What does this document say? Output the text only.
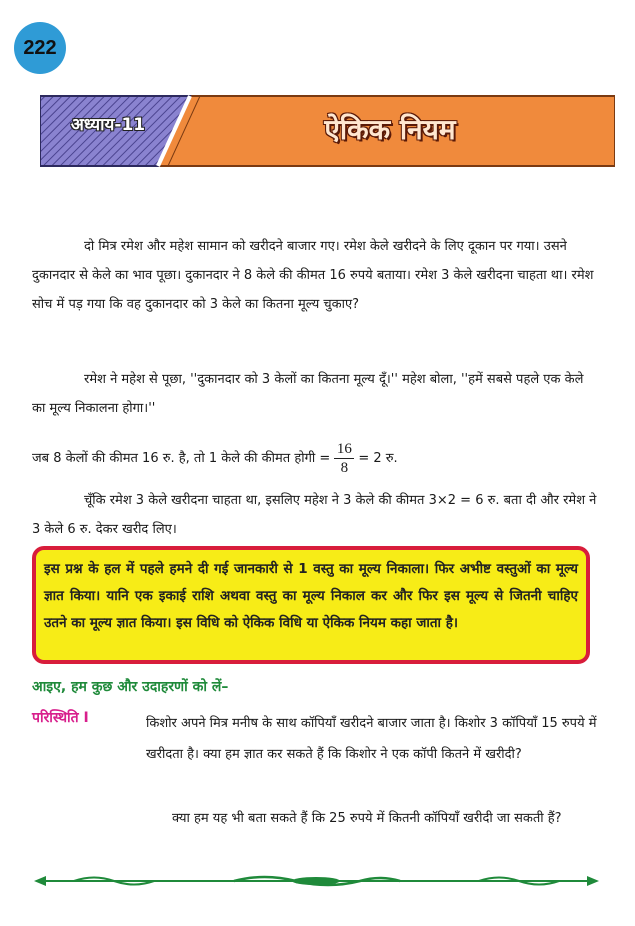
222
अध्याय-11	ऐकिक नियम

दो मित्र रमेश और महेश सामान को खरीदने बाजार गए। रमेश केले खरीदने के लिए दूकान पर गया। उसने दुकानदार से केले का भाव पूछा। दुकानदार ने 8 केले की कीमत 16 रुपये बताया। रमेश 3 केले खरीदना चाहता था। रमेश सोच में पड़ गया कि वह दुकानदार को 3 केले का कितना मूल्य चुकाए?

रमेश ने महेश से पूछा, ''दुकानदार को 3 केलों का कितना मूल्य दूँ।'' महेश बोला, ''हमें सबसे पहले एक केले का मूल्य निकालना होगा।''

जब 8 केलों की कीमत 16 रु. है, तो 1 केले की कीमत होगी = $\frac{16}{8} = 2$ रु.

चूँकि रमेश 3 केले खरीदना चाहता था, इसलिए महेश ने 3 केले की कीमत 3×2 = 6 रु. बता दी और रमेश ने 3 केले 6 रु. देकर खरीद लिए।

इस प्रश्न के हल में पहले हमने दी गई जानकारी से 1 वस्तु का मूल्य निकाला। फिर अभीष्ट वस्तुओं का मूल्य ज्ञात किया। यानि एक इकाई राशि अथवा वस्तु का मूल्य निकाल कर और फिर इस मूल्य से जितनी चाहिए उतने का मूल्य ज्ञात किया। इस विधि को ऐकिक विधि या ऐकिक नियम कहा जाता है।
आइए, हम कुछ और उदाहरणों को लें–
परिस्थिति I	किशोर अपने मित्र मनीष के साथ कॉपियाँ खरीदने बाजार जाता है। किशोर 3 कॉपियाँ 15 रुपये में खरीदता है। क्या हम ज्ञात कर सकते हैं कि किशोर ने एक कॉपी कितने में खरीदी?

क्या हम यह भी बता सकते हैं कि 25 रुपये में कितनी कॉपियाँ खरीदी जा सकती हैं?
